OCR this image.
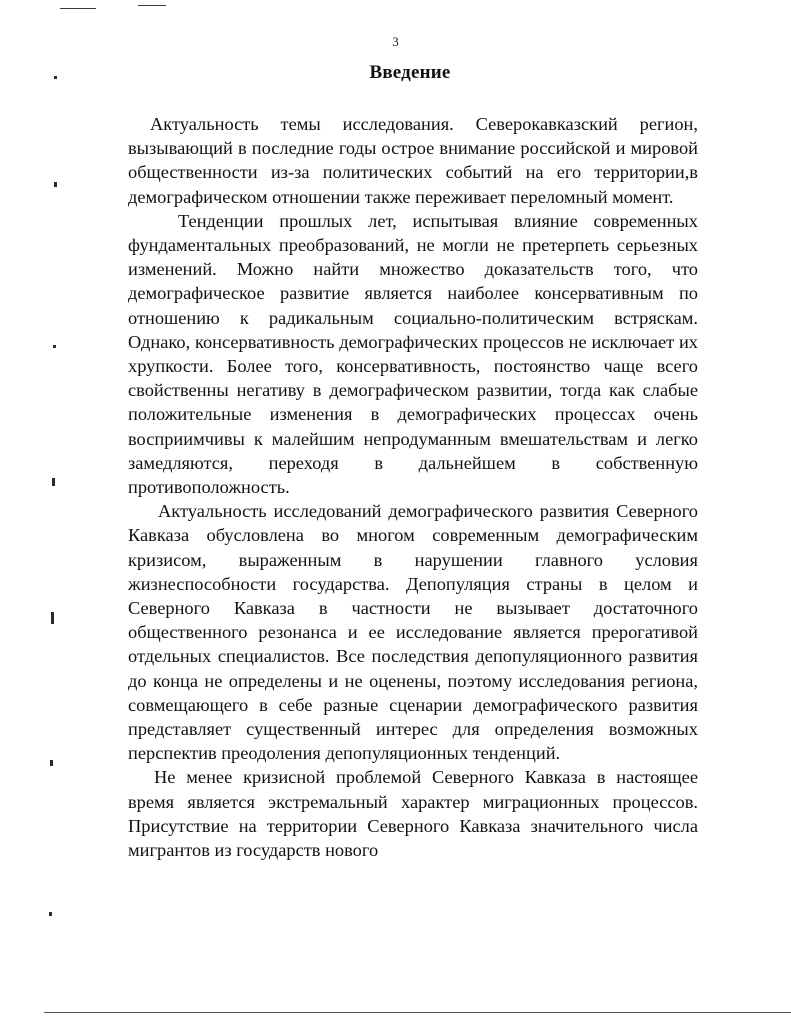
3
Введение

Актуальность темы исследования. Северокавказский регион, вызывающий в последние годы острое внимание российской и мировой общественности из-за политических событий на его территории,в демографическом отношении также переживает переломный момент.

Тенденции прошлых лет, испытывая влияние современных фундаментальных преобразований, не могли не претерпеть серьезных изменений. Можно найти множество доказательств того, что демографическое развитие является наиболее консервативным по отношению к радикальным социально-политическим встряскам. Однако, консервативность демографических процессов не исключает их хрупкости. Более того, консервативность, постоянство чаще всего свойственны негативу в демографическом развитии, тогда как слабые положительные изменения в демографических процессах очень восприимчивы к малейшим непродуманным вмешательствам и легко замедляются, переходя в дальнейшем в собственную противоположность.

Актуальность исследований демографического развития Северного Кавказа обусловлена во многом современным демографическим кризисом, выраженным в нарушении главного условия жизнеспособности государства. Депопуляция страны в целом и Северного Кавказа в частности не вызывает достаточного общественного резонанса и ее исследование является прерогативой отдельных специалистов. Все последствия депопуляционного развития до конца не определены и не оценены, поэтому исследования региона, совмещающего в себе разные сценарии демографического развития представляет существенный интерес для определения возможных перспектив преодоления депопуляционных тенденций.

Не менее кризисной проблемой Северного Кавказа в настоящее время является экстремальный характер миграционных процессов. Присутствие на территории Северного Кавказа значительного числа мигрантов из государств нового
